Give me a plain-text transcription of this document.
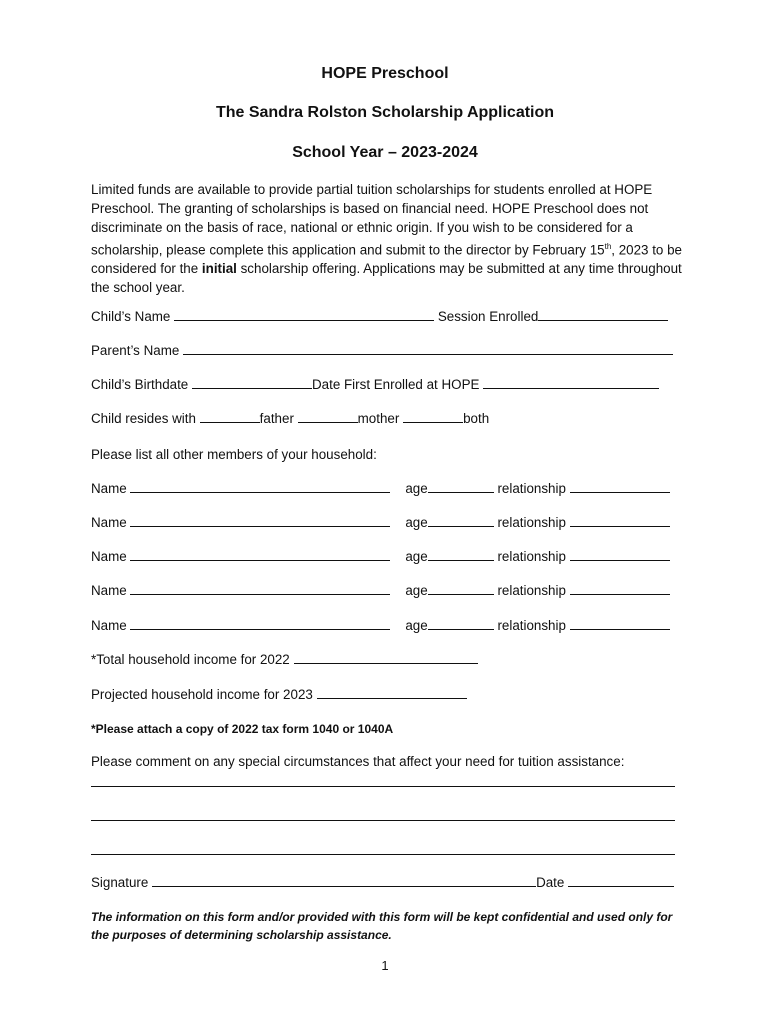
HOPE Preschool
The Sandra Rolston Scholarship Application
School Year – 2023-2024
Limited funds are available to provide partial tuition scholarships for students enrolled at HOPE Preschool. The granting of scholarships is based on financial need. HOPE Preschool does not discriminate on the basis of race, national or ethnic origin. If you wish to be considered for a scholarship, please complete this application and submit to the director by February 15th, 2023 to be considered for the initial scholarship offering. Applications may be submitted at any time throughout the school year.
Child’s Name	Session Enrolled
Parent’s Name
Child’s Birthdate	Date First Enrolled at HOPE
Child resides with	father	mother	both
Please list all other members of your household:
Name	age	relationship
Name	age	relationship
Name	age	relationship
Name	age	relationship
Name	age	relationship
*Total household income for 2022
Projected household income for 2023
*Please attach a copy of 2022 tax form 1040 or 1040A
Please comment on any special circumstances that affect your need for tuition assistance:
Signature	Date
The information on this form and/or provided with this form will be kept confidential and used only for the purposes of determining scholarship assistance.
1
